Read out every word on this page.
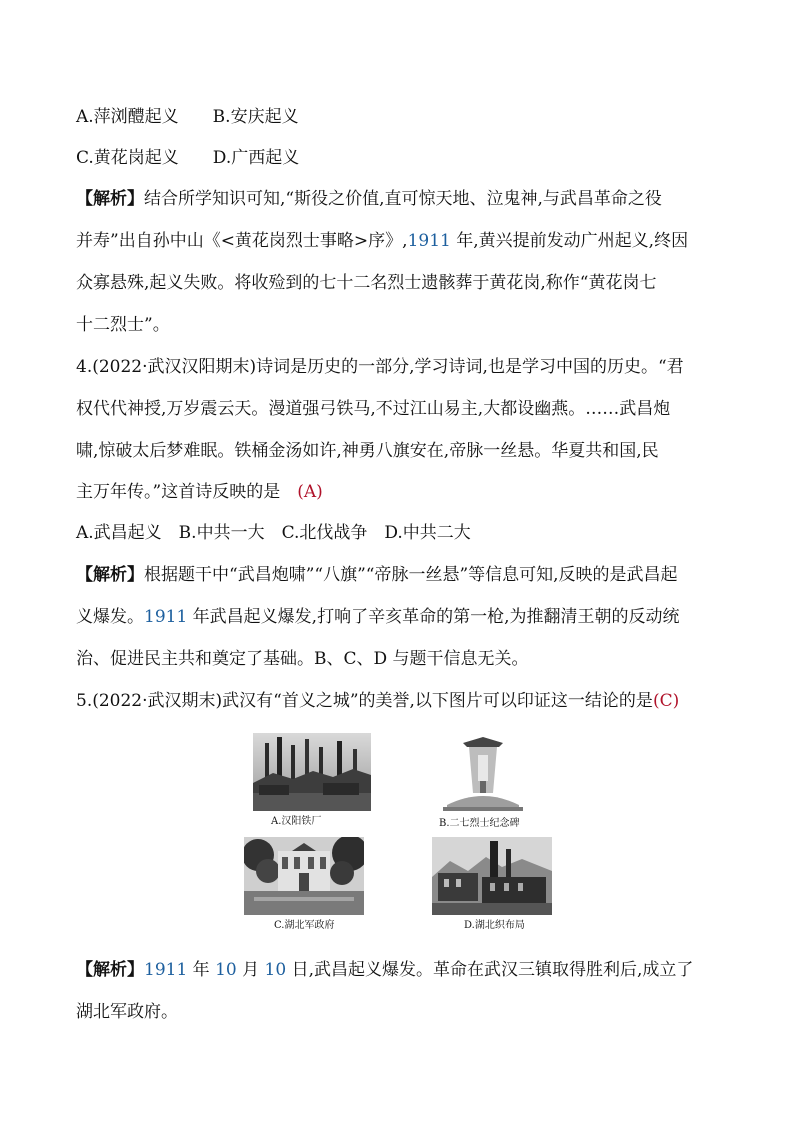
A.萍浏醴起义　　B.安庆起义
C.黄花岗起义　　D.广西起义
【解析】结合所学知识可知,“斯役之价值,直可惊天地、泣鬼神,与武昌革命之役
并寿”出自孙中山《<黄花岗烈士事略>序》,1911 年,黄兴提前发动广州起义,终因
众寡悬殊,起义失败。将收殓到的七十二名烈士遗骸葬于黄花岗,称作“黄花岗七
十二烈士”。
4.(2022·武汉汉阳期末)诗词是历史的一部分,学习诗词,也是学习中国的历史。“君
权代代神授,万岁震云天。漫道强弓铁马,不过江山易主,大都设幽燕。……武昌炮
啸,惊破太后梦难眠。铁桶金汤如许,神勇八旗安在,帝脉一丝悬。华夏共和国,民
主万年传。”这首诗反映的是　(A)
A.武昌起义　B.中共一大　C.北伐战争　D.中共二大
【解析】根据题干中“武昌炮啸”“八旗”“帝脉一丝悬”等信息可知,反映的是武昌起
义爆发。1911 年武昌起义爆发,打响了辛亥革命的第一枪,为推翻清王朝的反动统
治、促进民主共和奠定了基础。B、C、D 与题干信息无关。
5.(2022·武汉期末)武汉有“首义之城”的美誉,以下图片可以印证这一结论的是(C)
A.汉阳铁厂	B.二七烈士纪念碑
C.湖北军政府	D.湖北织布局
【解析】1911 年 10 月 10 日,武昌起义爆发。革命在武汉三镇取得胜利后,成立了
湖北军政府。
